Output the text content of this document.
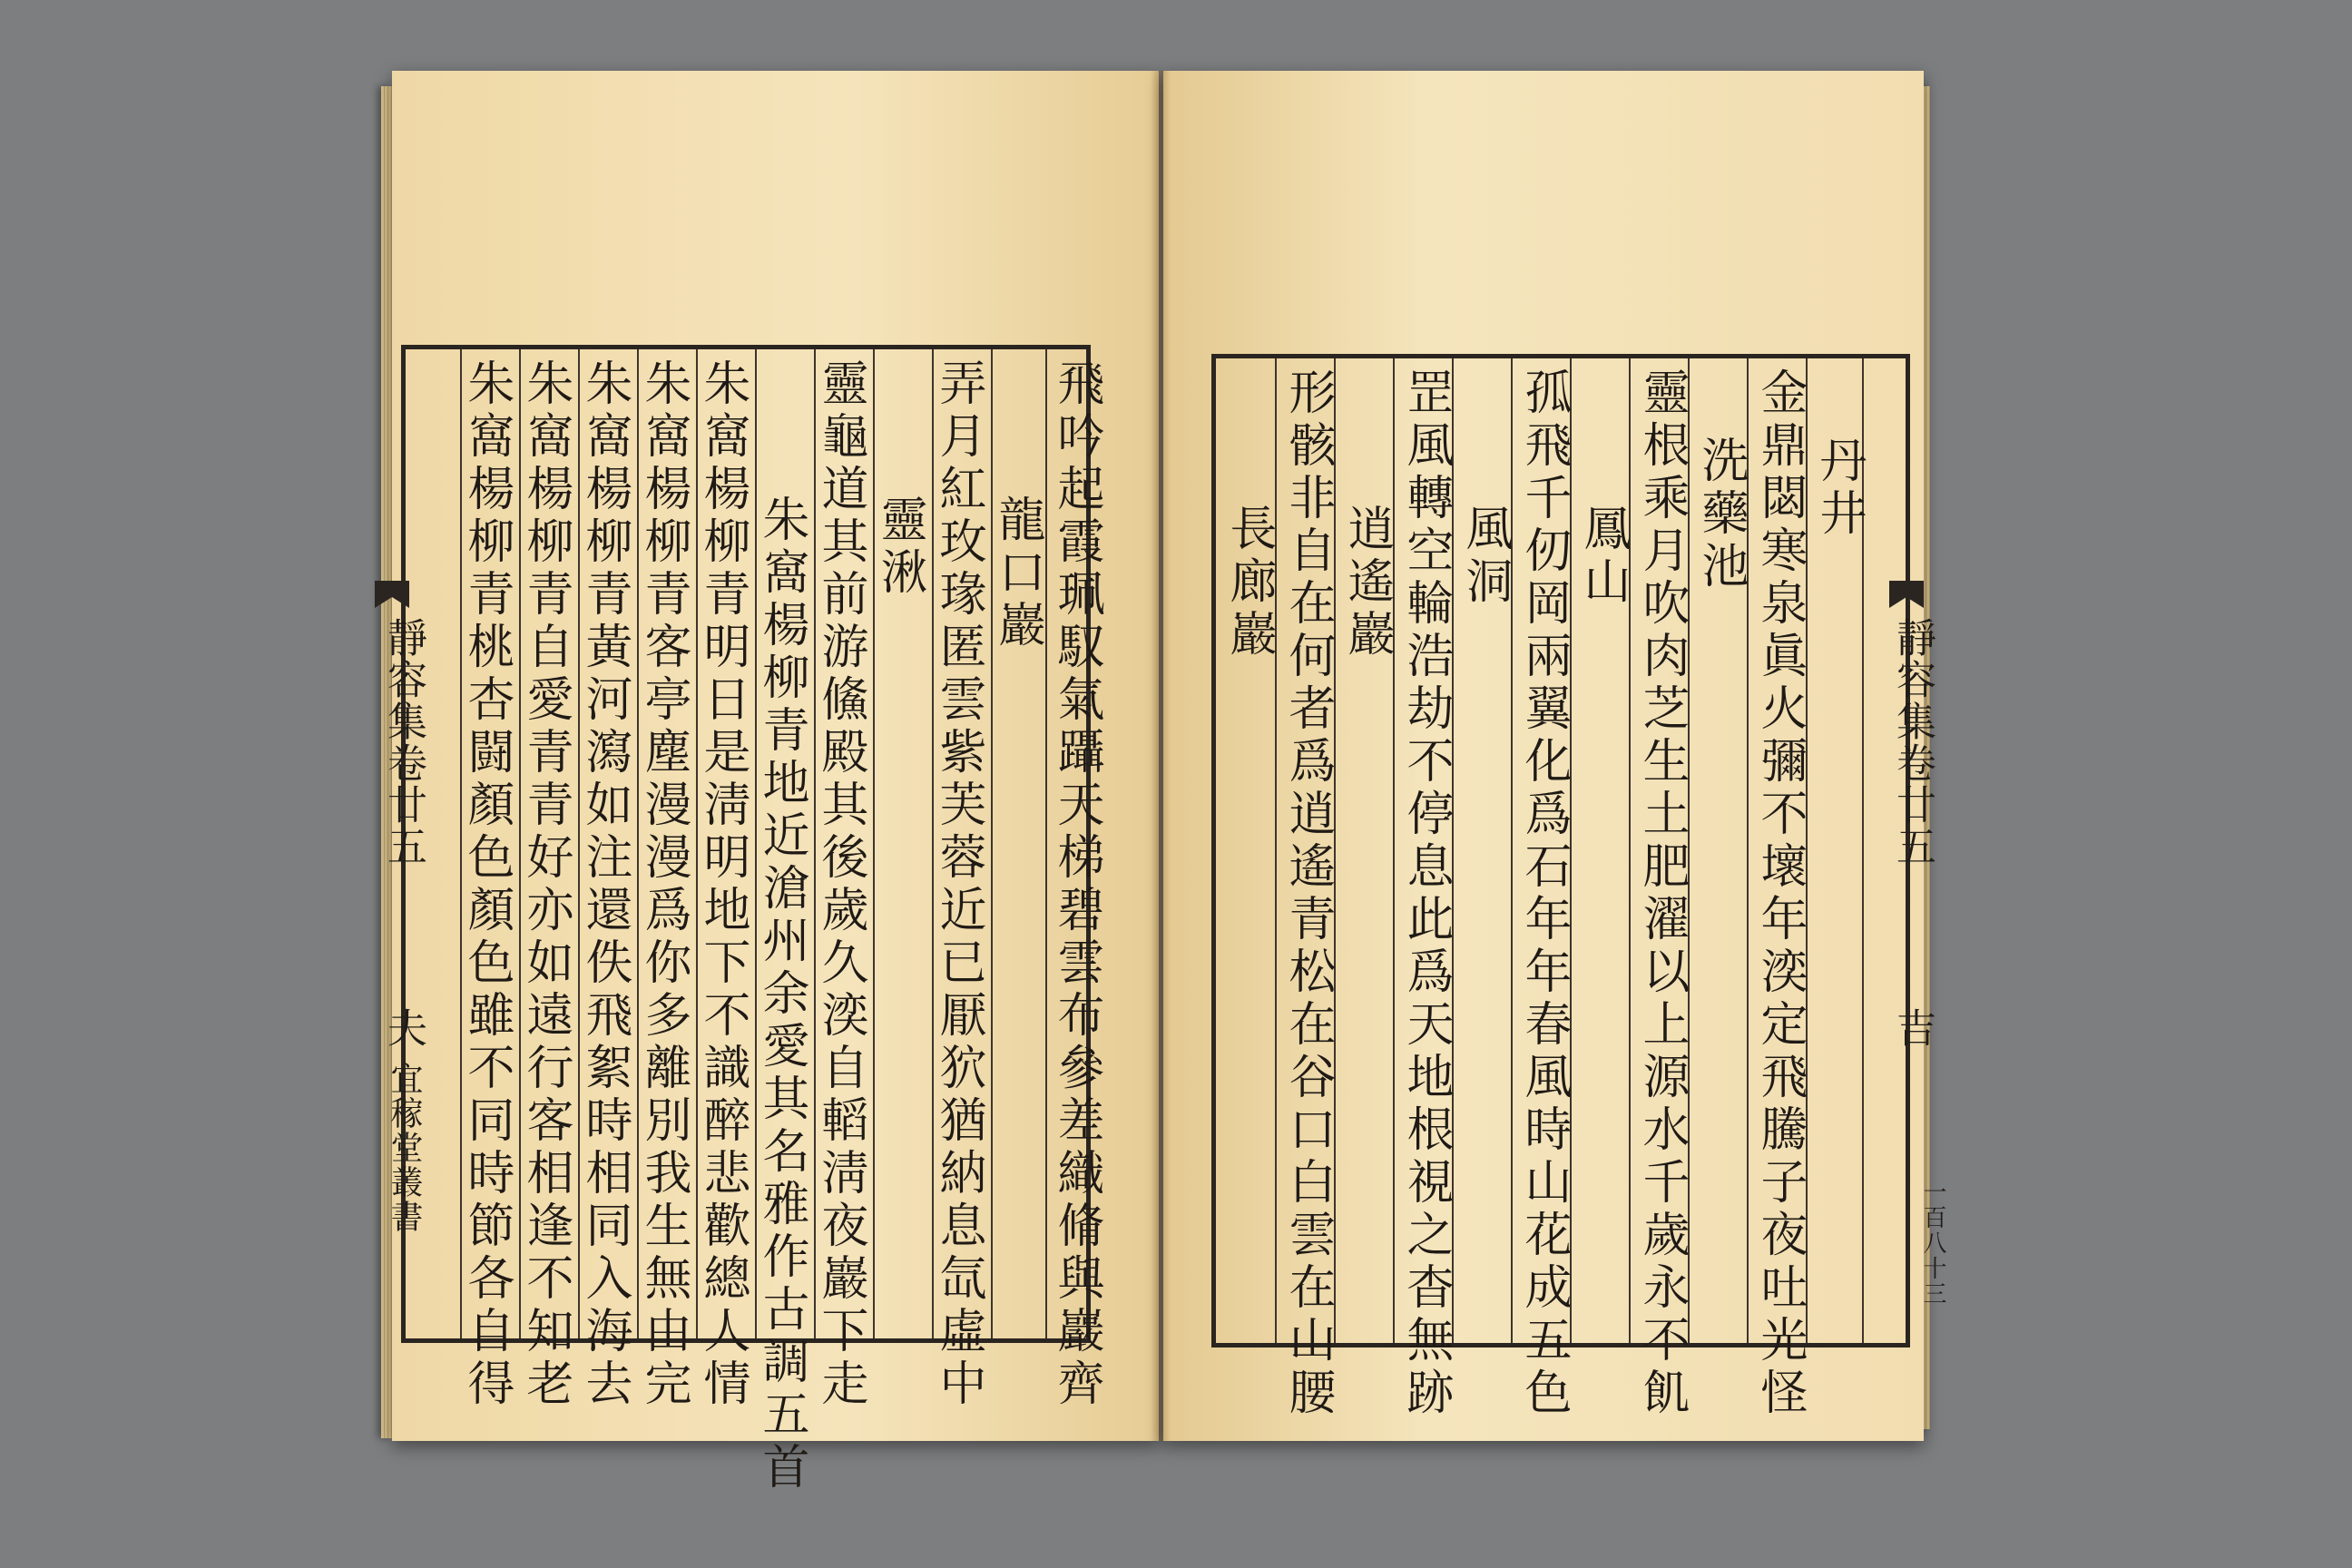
飛吟起霞珮馭氣躡天梯碧雲布參差織脩與巖齊
龍口巖
弄月紅玫瑑匿雲紫芙蓉近已厭狖猶納息氙虛中
靈湫
靈龜道其前游鯈殿其後歲久湙自轁淸夜巖下走
朱窩楊柳青地近滄州余愛其名雅作古調五首
朱窩楊柳青明日是淸明地下不識醉悲歡總人情
朱窩楊柳青客亭塵漫漫爲你多離別我生無由完
朱窩楊柳青黃河瀉如注還佚飛絮時相同入海去
朱窩楊柳青自愛青青好亦如遠行客相逢不知老
朱窩楊柳青桃杏闘顏色顏色雖不同時節各自得
靜容集卷廿五
夫
宜稼堂叢書
丹井
金鼎閟寒泉眞火彌不壞年湙定飛騰子夜吐光怪
洗藥池
靈根乘月吹肉芝生土肥濯以上源水千歲永不飢
鳳山
孤飛千仞岡兩翼化爲石年年春風時山花成五色
風洞
罡風轉空輪浩劫不停息此爲天地根視之杳無跡
逍遙巖
形骸非自在何者爲逍遙青松在谷口白雲在山腰
長廊巖
靜容集卷廿五
吉
一百八十三
